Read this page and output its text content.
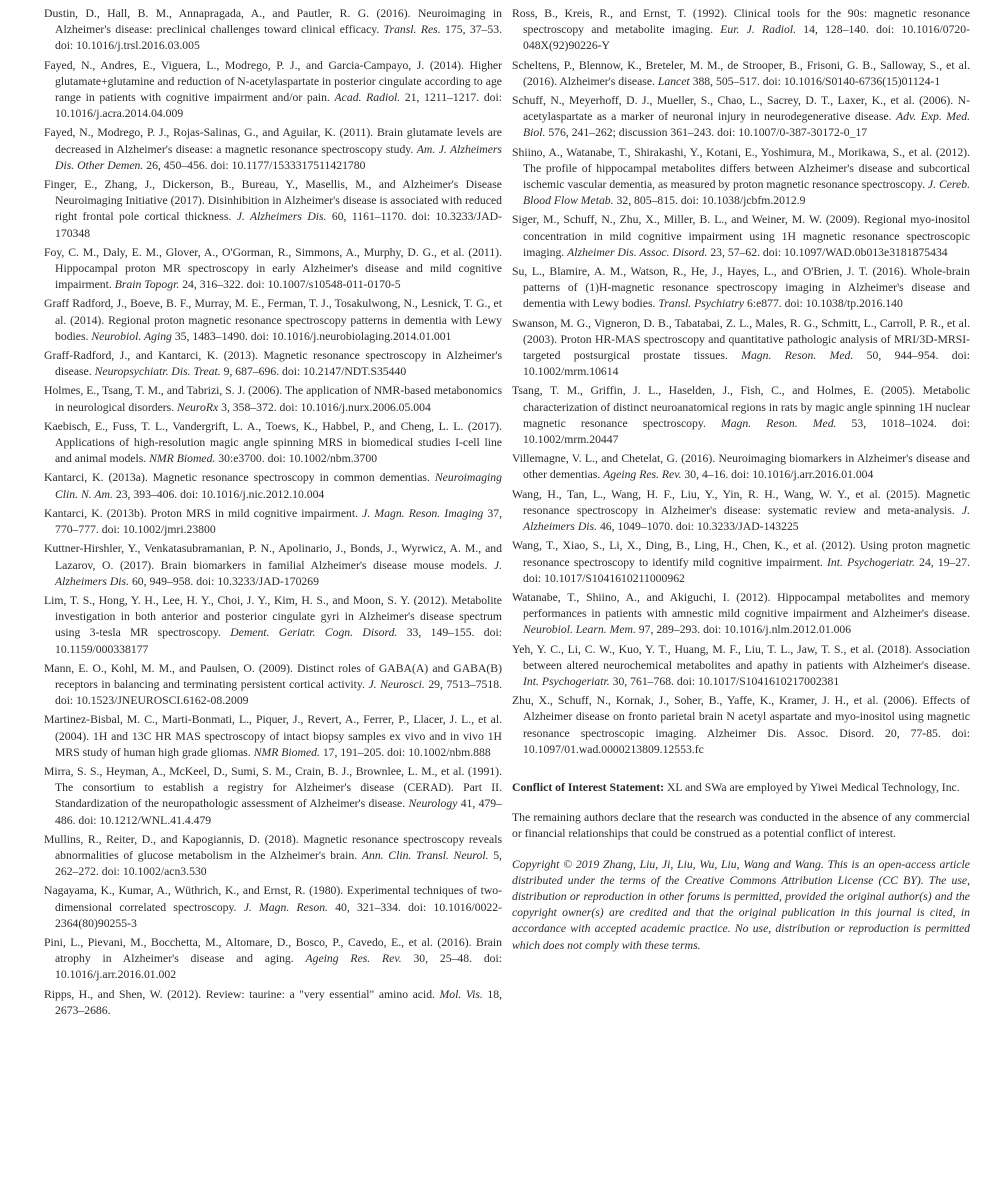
Dustin, D., Hall, B. M., Annapragada, A., and Pautler, R. G. (2016). Neuroimaging in Alzheimer's disease: preclinical challenges toward clinical efficacy. Transl. Res. 175, 37–53. doi: 10.1016/j.trsl.2016.03.005

Fayed, N., Andres, E., Viguera, L., Modrego, P. J., and Garcia-Campayo, J. (2014). Higher glutamate+glutamine and reduction of N-acetylaspartate in posterior cingulate according to age range in patients with cognitive impairment and/or pain. Acad. Radiol. 21, 1211–1217. doi: 10.1016/j.acra.2014.04.009

Fayed, N., Modrego, P. J., Rojas-Salinas, G., and Aguilar, K. (2011). Brain glutamate levels are decreased in Alzheimer's disease: a magnetic resonance spectroscopy study. Am. J. Alzheimers Dis. Other Demen. 26, 450–456. doi: 10.1177/1533317511421780

Finger, E., Zhang, J., Dickerson, B., Bureau, Y., Masellis, M., and Alzheimer's Disease Neuroimaging Initiative (2017). Disinhibition in Alzheimer's disease is associated with reduced right frontal pole cortical thickness. J. Alzheimers Dis. 60, 1161–1170. doi: 10.3233/JAD-170348

Foy, C. M., Daly, E. M., Glover, A., O'Gorman, R., Simmons, A., Murphy, D. G., et al. (2011). Hippocampal proton MR spectroscopy in early Alzheimer's disease and mild cognitive impairment. Brain Topogr. 24, 316–322. doi: 10.1007/s10548-011-0170-5

Graff Radford, J., Boeve, B. F., Murray, M. E., Ferman, T. J., Tosakulwong, N., Lesnick, T. G., et al. (2014). Regional proton magnetic resonance spectroscopy patterns in dementia with Lewy bodies. Neurobiol. Aging 35, 1483–1490. doi: 10.1016/j.neurobiolaging.2014.01.001

Graff-Radford, J., and Kantarci, K. (2013). Magnetic resonance spectroscopy in Alzheimer's disease. Neuropsychiatr. Dis. Treat. 9, 687–696. doi: 10.2147/NDT.S35440

Holmes, E., Tsang, T. M., and Tabrizi, S. J. (2006). The application of NMR-based metabonomics in neurological disorders. NeuroRx 3, 358–372. doi: 10.1016/j.nurx.2006.05.004

Kaebisch, E., Fuss, T. L., Vandergrift, L. A., Toews, K., Habbel, P., and Cheng, L. L. (2017). Applications of high-resolution magic angle spinning MRS in biomedical studies I-cell line and animal models. NMR Biomed. 30:e3700. doi: 10.1002/nbm.3700

Kantarci, K. (2013a). Magnetic resonance spectroscopy in common dementias. Neuroimaging Clin. N. Am. 23, 393–406. doi: 10.1016/j.nic.2012.10.004

Kantarci, K. (2013b). Proton MRS in mild cognitive impairment. J. Magn. Reson. Imaging 37, 770–777. doi: 10.1002/jmri.23800

Kuttner-Hirshler, Y., Venkatasubramanian, P. N., Apolinario, J., Bonds, J., Wyrwicz, A. M., and Lazarov, O. (2017). Brain biomarkers in familial Alzheimer's disease mouse models. J. Alzheimers Dis. 60, 949–958. doi: 10.3233/JAD-170269

Lim, T. S., Hong, Y. H., Lee, H. Y., Choi, J. Y., Kim, H. S., and Moon, S. Y. (2012). Metabolite investigation in both anterior and posterior cingulate gyri in Alzheimer's disease spectrum using 3-tesla MR spectroscopy. Dement. Geriatr. Cogn. Disord. 33, 149–155. doi: 10.1159/000338177

Mann, E. O., Kohl, M. M., and Paulsen, O. (2009). Distinct roles of GABA(A) and GABA(B) receptors in balancing and terminating persistent cortical activity. J. Neurosci. 29, 7513–7518. doi: 10.1523/JNEUROSCI.6162-08.2009

Martinez-Bisbal, M. C., Marti-Bonmati, L., Piquer, J., Revert, A., Ferrer, P., Llacer, J. L., et al. (2004). 1H and 13C HR MAS spectroscopy of intact biopsy samples ex vivo and in vivo 1H MRS study of human high grade gliomas. NMR Biomed. 17, 191–205. doi: 10.1002/nbm.888

Mirra, S. S., Heyman, A., McKeel, D., Sumi, S. M., Crain, B. J., Brownlee, L. M., et al. (1991). The consortium to establish a registry for Alzheimer's disease (CERAD). Part II. Standardization of the neuropathologic assessment of Alzheimer's disease. Neurology 41, 479–486. doi: 10.1212/WNL.41.4.479

Mullins, R., Reiter, D., and Kapogiannis, D. (2018). Magnetic resonance spectroscopy reveals abnormalities of glucose metabolism in the Alzheimer's brain. Ann. Clin. Transl. Neurol. 5, 262–272. doi: 10.1002/acn3.530

Nagayama, K., Kumar, A., Wüthrich, K., and Ernst, R. (1980). Experimental techniques of two-dimensional correlated spectroscopy. J. Magn. Reson. 40, 321–334. doi: 10.1016/0022-2364(80)90255-3

Pini, L., Pievani, M., Bocchetta, M., Altomare, D., Bosco, P., Cavedo, E., et al. (2016). Brain atrophy in Alzheimer's disease and aging. Ageing Res. Rev. 30, 25–48. doi: 10.1016/j.arr.2016.01.002

Ripps, H., and Shen, W. (2012). Review: taurine: a "very essential" amino acid. Mol. Vis. 18, 2673–2686.

Ross, B., Kreis, R., and Ernst, T. (1992). Clinical tools for the 90s: magnetic resonance spectroscopy and metabolite imaging. Eur. J. Radiol. 14, 128–140. doi: 10.1016/0720-048X(92)90226-Y

Scheltens, P., Blennow, K., Breteler, M. M., de Strooper, B., Frisoni, G. B., Salloway, S., et al. (2016). Alzheimer's disease. Lancet 388, 505–517. doi: 10.1016/S0140-6736(15)01124-1

Schuff, N., Meyerhoff, D. J., Mueller, S., Chao, L., Sacrey, D. T., Laxer, K., et al. (2006). N-acetylaspartate as a marker of neuronal injury in neurodegenerative disease. Adv. Exp. Med. Biol. 576, 241–262; discussion 361–243. doi: 10.1007/0-387-30172-0_17

Shiino, A., Watanabe, T., Shirakashi, Y., Kotani, E., Yoshimura, M., Morikawa, S., et al. (2012). The profile of hippocampal metabolites differs between Alzheimer's disease and subcortical ischemic vascular dementia, as measured by proton magnetic resonance spectroscopy. J. Cereb. Blood Flow Metab. 32, 805–815. doi: 10.1038/jcbfm.2012.9

Siger, M., Schuff, N., Zhu, X., Miller, B. L., and Weiner, M. W. (2009). Regional myo-inositol concentration in mild cognitive impairment using 1H magnetic resonance spectroscopic imaging. Alzheimer Dis. Assoc. Disord. 23, 57–62. doi: 10.1097/WAD.0b013e3181875434

Su, L., Blamire, A. M., Watson, R., He, J., Hayes, L., and O'Brien, J. T. (2016). Whole-brain patterns of (1)H-magnetic resonance spectroscopy imaging in Alzheimer's disease and dementia with Lewy bodies. Transl. Psychiatry 6:e877. doi: 10.1038/tp.2016.140

Swanson, M. G., Vigneron, D. B., Tabatabai, Z. L., Males, R. G., Schmitt, L., Carroll, P. R., et al. (2003). Proton HR-MAS spectroscopy and quantitative pathologic analysis of MRI/3D-MRSI-targeted postsurgical prostate tissues. Magn. Reson. Med. 50, 944–954. doi: 10.1002/mrm.10614

Tsang, T. M., Griffin, J. L., Haselden, J., Fish, C., and Holmes, E. (2005). Metabolic characterization of distinct neuroanatomical regions in rats by magic angle spinning 1H nuclear magnetic resonance spectroscopy. Magn. Reson. Med. 53, 1018–1024. doi: 10.1002/mrm.20447

Villemagne, V. L., and Chetelat, G. (2016). Neuroimaging biomarkers in Alzheimer's disease and other dementias. Ageing Res. Rev. 30, 4–16. doi: 10.1016/j.arr.2016.01.004

Wang, H., Tan, L., Wang, H. F., Liu, Y., Yin, R. H., Wang, W. Y., et al. (2015). Magnetic resonance spectroscopy in Alzheimer's disease: systematic review and meta-analysis. J. Alzheimers Dis. 46, 1049–1070. doi: 10.3233/JAD-143225

Wang, T., Xiao, S., Li, X., Ding, B., Ling, H., Chen, K., et al. (2012). Using proton magnetic resonance spectroscopy to identify mild cognitive impairment. Int. Psychogeriatr. 24, 19–27. doi: 10.1017/S1041610211000962

Watanabe, T., Shiino, A., and Akiguchi, I. (2012). Hippocampal metabolites and memory performances in patients with amnestic mild cognitive impairment and Alzheimer's disease. Neurobiol. Learn. Mem. 97, 289–293. doi: 10.1016/j.nlm.2012.01.006

Yeh, Y. C., Li, C. W., Kuo, Y. T., Huang, M. F., Liu, T. L., Jaw, T. S., et al. (2018). Association between altered neurochemical metabolites and apathy in patients with Alzheimer's disease. Int. Psychogeriatr. 30, 761–768. doi: 10.1017/S1041610217002381

Zhu, X., Schuff, N., Kornak, J., Soher, B., Yaffe, K., Kramer, J. H., et al. (2006). Effects of Alzheimer disease on fronto parietal brain N acetyl aspartate and myo-inositol using magnetic resonance spectroscopic imaging. Alzheimer Dis. Assoc. Disord. 20, 77-85. doi: 10.1097/01.wad.0000213809.12553.fc

Conflict of Interest Statement: XL and SWa are employed by Yiwei Medical Technology, Inc.

The remaining authors declare that the research was conducted in the absence of any commercial or financial relationships that could be construed as a potential conflict of interest.

Copyright © 2019 Zhang, Liu, Ji, Liu, Wu, Liu, Wang and Wang. This is an open-access article distributed under the terms of the Creative Commons Attribution License (CC BY). The use, distribution or reproduction in other forums is permitted, provided the original author(s) and the copyright owner(s) are credited and that the original publication in this journal is cited, in accordance with accepted academic practice. No use, distribution or reproduction is permitted which does not comply with these terms.
